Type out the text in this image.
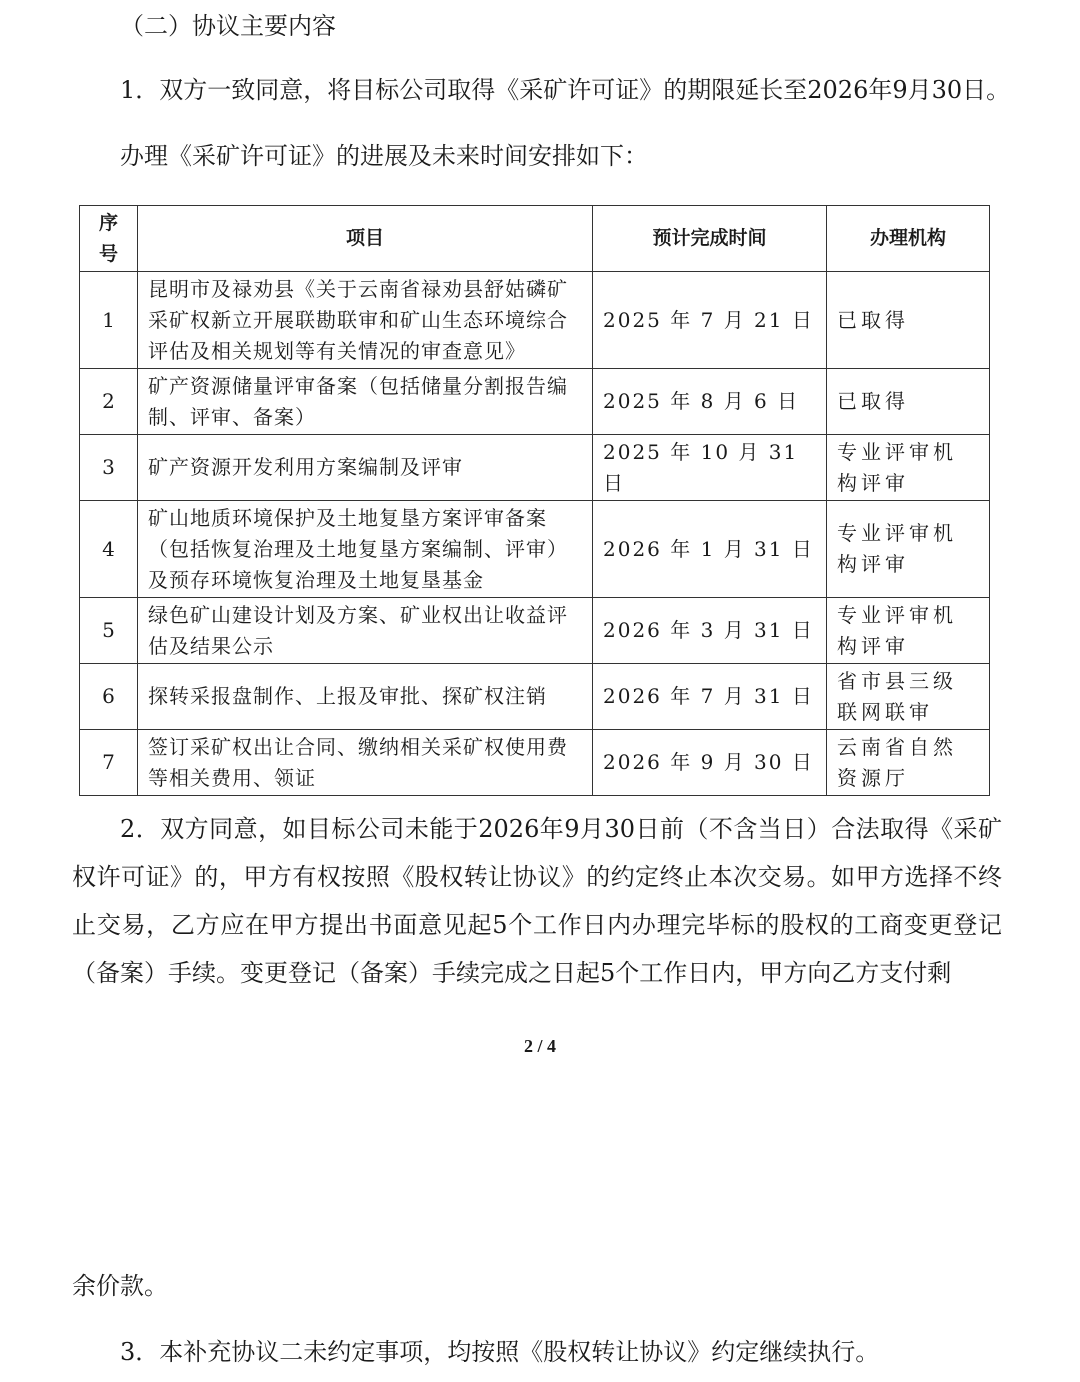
（二）协议主要内容
1．双方一致同意，将目标公司取得《采矿许可证》的期限延长至2026年9月30日。
办理《采矿许可证》的进展及未来时间安排如下：
序号	项目	预计完成时间	办理机构
1	昆明市及禄劝县《关于云南省禄劝县舒姑磷矿采矿权新立开展联勘联审和矿山生态环境综合评估及相关规划等有关情况的审查意见》	2025 年 7 月 21 日	已取得
2	矿产资源储量评审备案（包括储量分割报告编制、评审、备案）	2025 年 8 月 6 日	已取得
3	矿产资源开发利用方案编制及评审	2025 年 10 月 31 日	专业评审机构评审
4	矿山地质环境保护及土地复垦方案评审备案（包括恢复治理及土地复垦方案编制、评审）及预存环境恢复治理及土地复垦基金	2026 年 1 月 31 日	专业评审机构评审
5	绿色矿山建设计划及方案、矿业权出让收益评估及结果公示	2026 年 3 月 31 日	专业评审机构评审
6	探转采报盘制作、上报及审批、探矿权注销	2026 年 7 月 31 日	省市县三级联网联审
7	签订采矿权出让合同、缴纳相关采矿权使用费等相关费用、领证	2026 年 9 月 30 日	云南省自然资源厅
2．双方同意，如目标公司未能于2026年9月30日前（不含当日）合法取得《采矿权许可证》的，甲方有权按照《股权转让协议》的约定终止本次交易。如甲方选择不终止交易，乙方应在甲方提出书面意见起5个工作日内办理完毕标的股权的工商变更登记（备案）手续。变更登记（备案）手续完成之日起5个工作日内，甲方向乙方支付剩
2 / 4
余价款。
3．本补充协议二未约定事项，均按照《股权转让协议》约定继续执行。
